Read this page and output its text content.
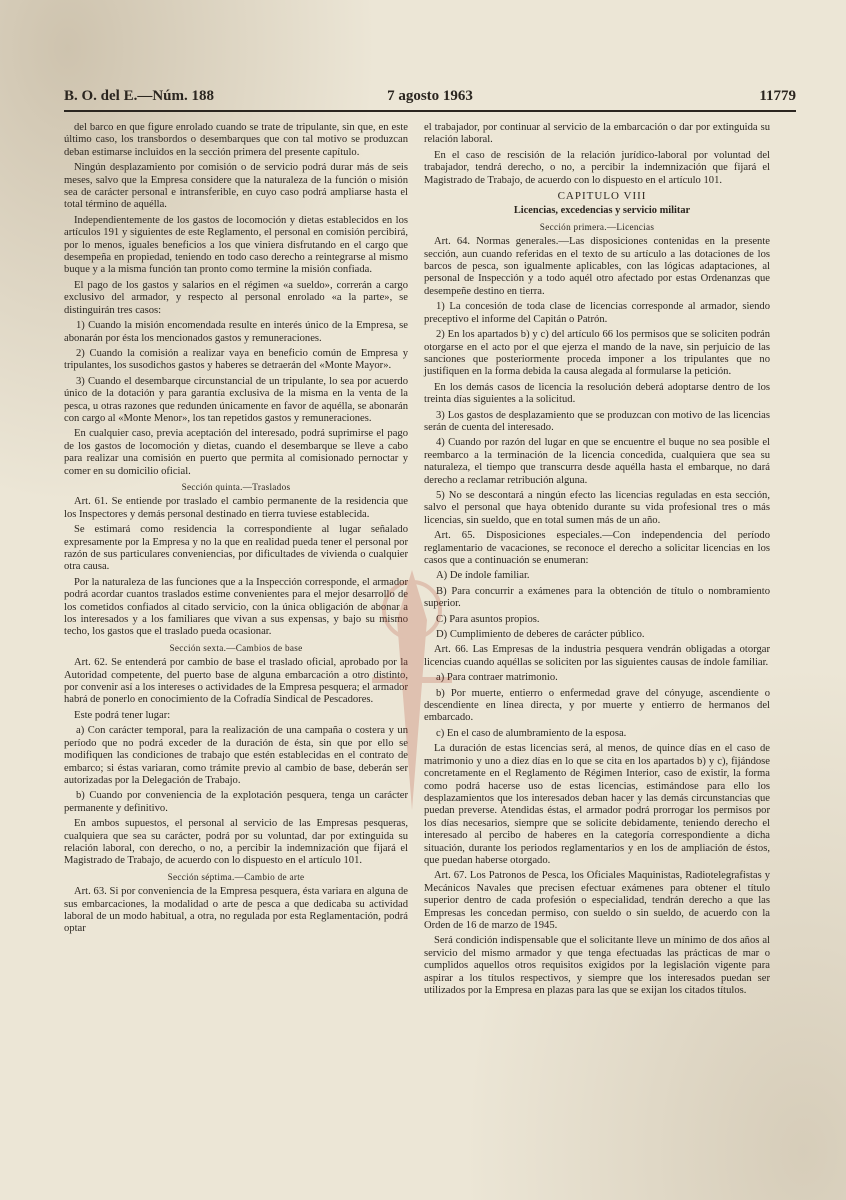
B. O. del E.—Núm. 188	7 agosto 1963	11779

del barco en que figure enrolado cuando se trate de tripulante, sin que, en este último caso, los transbordos o desembarques que con tal motivo se produzcan deban estimarse incluidos en la sección primera del presente capítulo.

Ningún desplazamiento por comisión o de servicio podrá durar más de seis meses, salvo que la Empresa considere que la naturaleza de la función o misión sea de carácter personal e intransferible, en cuyo caso podrá ampliarse hasta el total término de aquélla.

Independientemente de los gastos de locomoción y dietas establecidos en los artículos 191 y siguientes de este Reglamento, el personal en comisión percibirá, por lo menos, iguales beneficios a los que viniera disfrutando en el cargo que desempeña en propiedad, teniendo en todo caso derecho a reintegrarse al mismo buque y a la misma función tan pronto como termine la misión confiada.

El pago de los gastos y salarios en el régimen «a sueldo», correrán a cargo exclusivo del armador, y respecto al personal enrolado «a la parte», se distinguirán tres casos:

1) Cuando la misión encomendada resulte en interés único de la Empresa, se abonarán por ésta los mencionados gastos y remuneraciones.

2) Cuando la comisión a realizar vaya en beneficio común de Empresa y tripulantes, los susodichos gastos y haberes se detraerán del «Monte Mayor».

3) Cuando el desembarque circunstancial de un tripulante, lo sea por acuerdo único de la dotación y para garantía exclusiva de la misma en la venta de la pesca, u otras razones que redunden únicamente en favor de aquélla, se abonarán con cargo al «Monte Menor», los tan repetidos gastos y remuneraciones.

En cualquier caso, previa aceptación del interesado, podrá suprimirse el pago de los gastos de locomoción y dietas, cuando el desembarque se lleve a cabo para realizar una comisión en puerto que permita al comisionado pernoctar y comer en su domicilio oficial.

Sección quinta.—Traslados

Art. 61. Se entiende por traslado el cambio permanente de la residencia que los Inspectores y demás personal destinado en tierra tuviese establecida.

Se estimará como residencia la correspondiente al lugar señalado expresamente por la Empresa y no la que en realidad pueda tener el personal por razón de sus particulares conveniencias, por dificultades de vivienda o cualquier otra causa.

Por la naturaleza de las funciones que a la Inspección corresponde, el armador podrá acordar cuantos traslados estime convenientes para el mejor desarrollo de los cometidos confiados al citado servicio, con la única obligación de abonar a los interesados y a los familiares que vivan a sus expensas, y bajo su mismo techo, los gastos que el traslado pueda ocasionar.

Sección sexta.—Cambios de base

Art. 62. Se entenderá por cambio de base el traslado oficial, aprobado por la Autoridad competente, del puerto base de alguna embarcación a otro distinto, por convenir así a los intereses o actividades de la Empresa pesquera; el armador habrá de ponerlo en conocimiento de la Cofradía Sindical de Pescadores.

Este podrá tener lugar:

a) Con carácter temporal, para la realización de una campaña o costera y un período que no podrá exceder de la duración de ésta, sin que por ello se modifiquen las condiciones de trabajo que estén establecidas en el contrato de embarco; si éstas variaran, como trámite previo al cambio de base, deberán ser autorizadas por la Delegación de Trabajo.

b) Cuando por conveniencia de la explotación pesquera, tenga un carácter permanente y definitivo.

En ambos supuestos, el personal al servicio de las Empresas pesqueras, cualquiera que sea su carácter, podrá por su voluntad, dar por extinguida su relación laboral, con derecho, o no, a percibir la indemnización que fijará el Magistrado de Trabajo, de acuerdo con lo dispuesto en el artículo 101.

Sección séptima.—Cambio de arte

Art. 63. Si por conveniencia de la Empresa pesquera, ésta variara en alguna de sus embarcaciones, la modalidad o arte de pesca a que dedicaba su actividad laboral de un modo habitual, a otra, no regulada por esta Reglamentación, podrá optar

el trabajador, por continuar al servicio de la embarcación o dar por extinguida su relación laboral.

En el caso de rescisión de la relación jurídico-laboral por voluntad del trabajador, tendrá derecho, o no, a percibir la indemnización que fijará el Magistrado de Trabajo, de acuerdo con lo dispuesto en el artículo 101.

CAPITULO VIII

Licencias, excedencias y servicio militar

Sección primera.—Licencias

Art. 64. Normas generales.—Las disposiciones contenidas en la presente sección, aun cuando referidas en el texto de su artículo a las dotaciones de los barcos de pesca, son igualmente aplicables, con las lógicas adaptaciones, al personal de Inspección y a todo aquél otro afectado por estas Ordenanzas que desempeñe destino en tierra.

1) La concesión de toda clase de licencias corresponde al armador, siendo preceptivo el informe del Capitán o Patrón.

2) En los apartados b) y c) del artículo 66 los permisos que se soliciten podrán otorgarse en el acto por el que ejerza el mando de la nave, sin perjuicio de las sanciones que posteriormente proceda imponer a los tripulantes que no justifiquen en la forma debida la causa alegada al formularse la petición.

En los demás casos de licencia la resolución deberá adoptarse dentro de los treinta días siguientes a la solicitud.

3) Los gastos de desplazamiento que se produzcan con motivo de las licencias serán de cuenta del interesado.

4) Cuando por razón del lugar en que se encuentre el buque no sea posible el reembarco a la terminación de la licencia concedida, cualquiera que sea su naturaleza, el tiempo que transcurra desde aquélla hasta el embarque, no dará derecho a reclamar retribución alguna.

5) No se descontará a ningún efecto las licencias reguladas en esta sección, salvo el personal que haya obtenido durante su vida profesional tres o más licencias, sin sueldo, que en total sumen más de un año.

Art. 65. Disposiciones especiales.—Con independencia del período reglamentario de vacaciones, se reconoce el derecho a solicitar licencias en los casos que a continuación se enumeran:

A) De índole familiar.

B) Para concurrir a exámenes para la obtención de título o nombramiento superior.

C) Para asuntos propios.

D) Cumplimiento de deberes de carácter público.

Art. 66. Las Empresas de la industria pesquera vendrán obligadas a otorgar licencias cuando aquéllas se soliciten por las siguientes causas de índole familiar.

a) Para contraer matrimonio.

b) Por muerte, entierro o enfermedad grave del cónyuge, ascendiente o descendiente en línea directa, y por muerte y entierro de hermanos del embarcado.

c) En el caso de alumbramiento de la esposa.

La duración de estas licencias será, al menos, de quince días en el caso de matrimonio y uno a diez días en lo que se cita en los apartados b) y c), fijándose concretamente en el Reglamento de Régimen Interior, caso de existir, la forma como podrá hacerse uso de estas licencias, estimándose para ello los desplazamientos que los interesados deban hacer y las demás circunstancias que puedan preverse. Atendidas éstas, el armador podrá prorrogar los permisos por los días necesarios, siempre que se solicite debidamente, teniendo derecho el interesado al percibo de haberes en la categoría correspondiente a dicha situación, durante los periodos reglamentarios y en los de ampliación de éstos, que puedan haberse otorgado.

Art. 67. Los Patronos de Pesca, los Oficiales Maquinistas, Radiotelegrafistas y Mecánicos Navales que precisen efectuar exámenes para obtener el título superior dentro de cada profesión o especialidad, tendrán derecho a que las Empresas les concedan permiso, con sueldo o sin sueldo, de acuerdo con la Orden de 16 de marzo de 1945.

Será condición indispensable que el solicitante lleve un mínimo de dos años al servicio del mismo armador y que tenga efectuadas las prácticas de mar o cumplidos aquellos otros requisitos exigidos por la legislación vigente para aspirar a los títulos respectivos, y siempre que los interesados puedan ser utilizados por la Empresa en plazas para las que se exijan los citados títulos.
